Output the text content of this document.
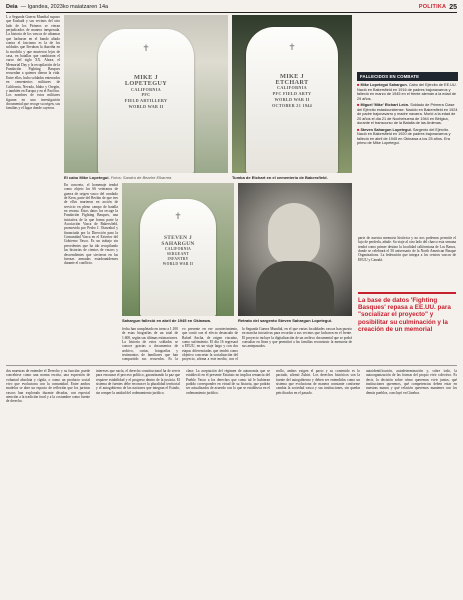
Deia — Igandea, 2023ko maiatzaren 14a	POLITIKA 25

L a Segunda Guerra Mundial supuso que Euskadi y sus vecinos del otro lado de los Pirineos se vieran perjudicados de manera inesperada. La historia de los vascos de ultramar que lucharon en el bando aliado contra el fascismo es la de los soldados que llevaban la ikurriña en la mochila y que murieron lejos de casa, en batallas que cambiaron el curso del siglo XX. Ahora, el Memorial Day y la recopilación de la Fundación Fighting Basques recuerdan a quienes dieron la vida. Entre ellos, hubo soldados enterrados en cementerios militares de California, Nevada, Idaho y Oregón, y también en Europa y en el Pacífico. Los nombres de estos militares figuran en una investigación documental que recoge su origen, sus familias y el lugar donde cayeron.

✝
MIKE J
LOPETEGUY
CALIFORNIA
PFC
FIELD ARTILLERY
WORLD WAR II
El cabo Mike Lopetegui. Fotos: Sandra de Bearhe Elkarrea
✝
MIKE J
ETCHART
CALIFORNIA
PFC FIELD ARTY
WORLD WAR II
OCTOBER 21 1944
Tumba de Etchart en el cementerio de Bakersfield.
FALLECIDOS EN COMBATE
■ Mike Lopetegui Sahargun. Cabo del Ejército de EE.UU. Nació en Bakersfield en 1916 de padres bajonavarros y falleció en marzo de 1945 en el frente alemán a la edad de 29 años.
■ Miguel 'Mike' Etchart León. Soldado de Primera Clase del Ejército estadounidense. Nacido en Bakersfield en 1924 de padre bajonavarro y madre navarra. Murió a la edad de 20 años el día 21 de Nochebuena de 1944 en Bélgica, durante el transcurso de la Batalla de las Ardenas.
■ Steven Sahargun Lopetegui. Sargento del Ejército. Nació en Bakersfield en 1920 de padres bajonavarros y falleció en abril de 1945 en Okinawa a los 25 años. Era primo de Mike Lopetegui.

En concreto, el homenaje tendrá como objeto los 66 veteranos de guerra de origen vasco del condado de Kern, parte del Bechin de que tres de ellos murieron en acción de servicio en pleno campo de batalla en verano. Estos datos los recoge la Fundación Fighting Basques, una iniciativa de la que forma parte la Asociación Vasca de Bakersfield, promovida por Pedro J. Oiarzabal y financiada por la Dirección para la Comunidad Vasca en el Exterior del Gobierno Vasco. Es un trabajo sin precedentes que ha ido recopilando las historias de cientos de vascos y descendientes que sirvieron en las fuerzas armadas estadounidenses durante el conflicto.

✝
STEVEN J
SAHARGUN
CALIFORNIA
SERGEANT
INFANTRY
WORLD WAR II
Sahargun falleció en abril de 1945 en Okinawa.	Retrato del sargento Steven Sahargun Lopetegui.

fecha han completado en torno a 1.100 de estas biografías de un total de 1.600, según sus últimas estimaciones. La historia de estos soldados se conoce gracias a documentos de archivo, cartas, fotografías y testimonios de familiares que han compartido sus recuerdos. Es la

vo presente en ese acontecimiento, que contó con el efecto destacado de Rafael Ancha, de origen vizcaíno, como sufrimiento. El día 16 regresará a EEUU, en un viaje largo y con dos etapas diferenciadas que tendrá como objetivo concretar la socialización del proyecto, afirma a este medio, con el

la Segunda Guerra Mundial, en el que varias localidades vascas han puesto en marcha iniciativas para recordar a sus vecinos que lucharon en el frente. El proyecto incluye la digitalización de un archivo documental que se podrá consultar en línea y que permitirá a las familias reconstruir la memoria de sus antepasados.

parte de nuestra memoria histórica y no nos podemos permitir el lujo de perderla, añade. Su viaje al otro lado del charco esta semana tendrá como primer destino la localidad californiana de Los Banos, donde se celebrará el 50 aniversario de la North American Basque Organizations. La federación que integra a los centros vascos de EEUU y Canadá.

La base de datos 'Fighting Basques' repasa a EE.UU. para "socializar el proyecto" y posibilitar su culminación y la creación de un memorial

dos maestras de entender el Derecho y su función: puede concebirse como una norma escrita, una expresión de voluntad absoluta y rígida, o como un producto social vivo que evoluciona con la comunidad. Entre ambos modelos se abre un espacio de reflexión que los juristas vascos han explorado durante décadas, con especial atención a la tradición foral y a la costumbre como fuente de derecho.

intereses que nacía, el derecho constitucional ha de servir para encauzar el proceso político, garantizando la paz que requiere estabilidad y el progreso dentro de la justicia. El sistema de fuentes debe reconocer la pluralidad territorial y el autogobierno de las naciones que integran el Estado, sin romper la unidad del ordenamiento jurídico.

clara: La aceptación del régimen de autonomía que se estableció en el presente Estatuto no implica renuncia del Pueblo Vasco a los derechos que como tal le hubieran podido corresponder en virtud de su historia, que podrán ser actualizados de acuerdo con lo que se establezca en el ordenamiento jurídico.

rrollo, ambos exigen el pacto y su contenido es lo pactado, afirmó Zubiri. Los derechos históricos son la fuente del autogobierno y deben ser entendidos como un sistema que evoluciona de manera constante conforme cambia la sociedad vasca y sus instituciones, sin quedar petrificados en el pasado.

autoidentificación, autodeterminación y, sobre todo, la autoorganización de las formas del propio vivir colectivo. Es decir, la decisión sobre cómo queremos vivir juntos, qué instituciones queremos, qué competencias deben estar en nuestras manos y qué relación queremos mantener con los demás pueblos, concluyó en Ginebra.
